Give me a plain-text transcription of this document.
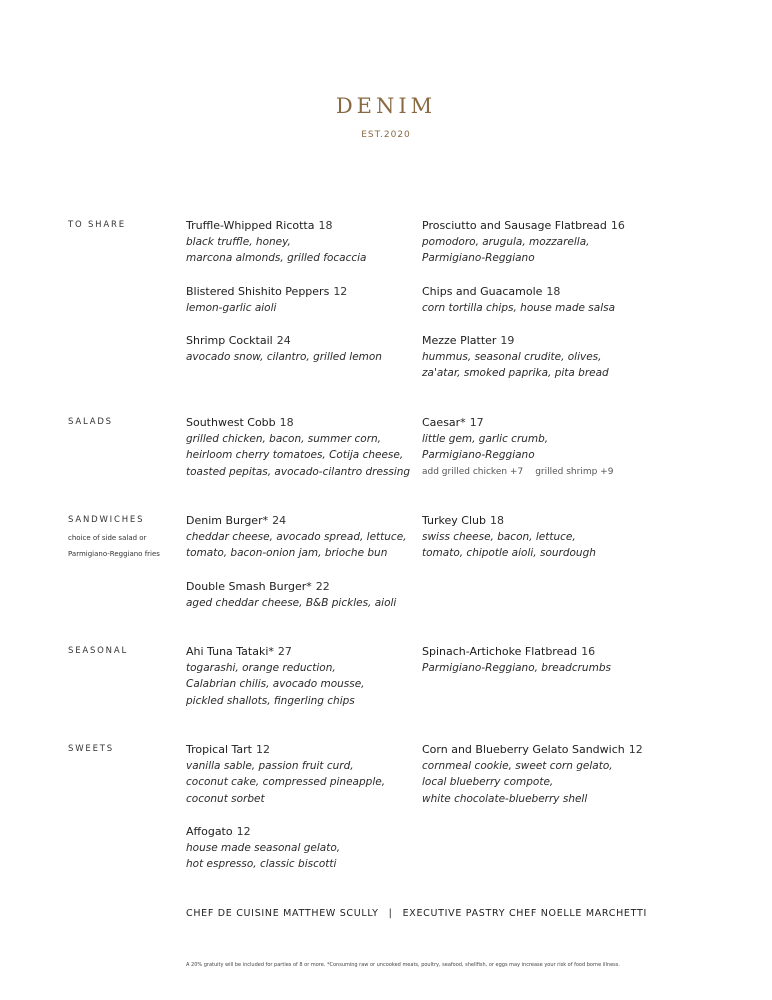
DENIM
EST.2020
TO SHARE	Truffle-Whipped Ricotta 18
black truffle, honey,
marcona almonds, grilled focaccia
Blistered Shishito Peppers 12
lemon-garlic aioli
Shrimp Cocktail 24
avocado snow, cilantro, grilled lemon
Prosciutto and Sausage Flatbread 16
pomodoro, arugula, mozzarella,
Parmigiano-Reggiano
Chips and Guacamole 18
corn tortilla chips, house made salsa
Mezze Platter 19
hummus, seasonal crudite, olives,
za'atar, smoked paprika, pita bread
SALADS	Southwest Cobb 18
grilled chicken, bacon, summer corn,
heirloom cherry tomatoes, Cotija cheese,
toasted pepitas, avocado-cilantro dressing
Caesar* 17
little gem, garlic crumb,
Parmigiano-Reggiano
add grilled chicken +7 grilled shrimp +9
SANDWICHES
choice of side salad or
Parmigiano-Reggiano fries
Denim Burger* 24
cheddar cheese, avocado spread, lettuce,
tomato, bacon-onion jam, brioche bun
Double Smash Burger* 22
aged cheddar cheese, B&B pickles, aioli
Turkey Club 18
swiss cheese, bacon, lettuce,
tomato, chipotle aioli, sourdough
SEASONAL	Ahi Tuna Tataki* 27
togarashi, orange reduction,
Calabrian chilis, avocado mousse,
pickled shallots, fingerling chips
Spinach-Artichoke Flatbread 16
Parmigiano-Reggiano, breadcrumbs
SWEETS	Tropical Tart 12
vanilla sable, passion fruit curd,
coconut cake, compressed pineapple,
coconut sorbet
Affogato 12
house made seasonal gelato,
hot espresso, classic biscotti
Corn and Blueberry Gelato Sandwich 12
cornmeal cookie, sweet corn gelato,
local blueberry compote,
white chocolate-blueberry shell
CHEF DE CUISINE MATTHEW SCULLY | EXECUTIVE PASTRY CHEF NOELLE MARCHETTI
A 20% gratuity will be included for parties of 8 or more. *Consuming raw or uncooked meats, poultry, seafood, shellfish, or eggs may increase your risk of food borne illness.
